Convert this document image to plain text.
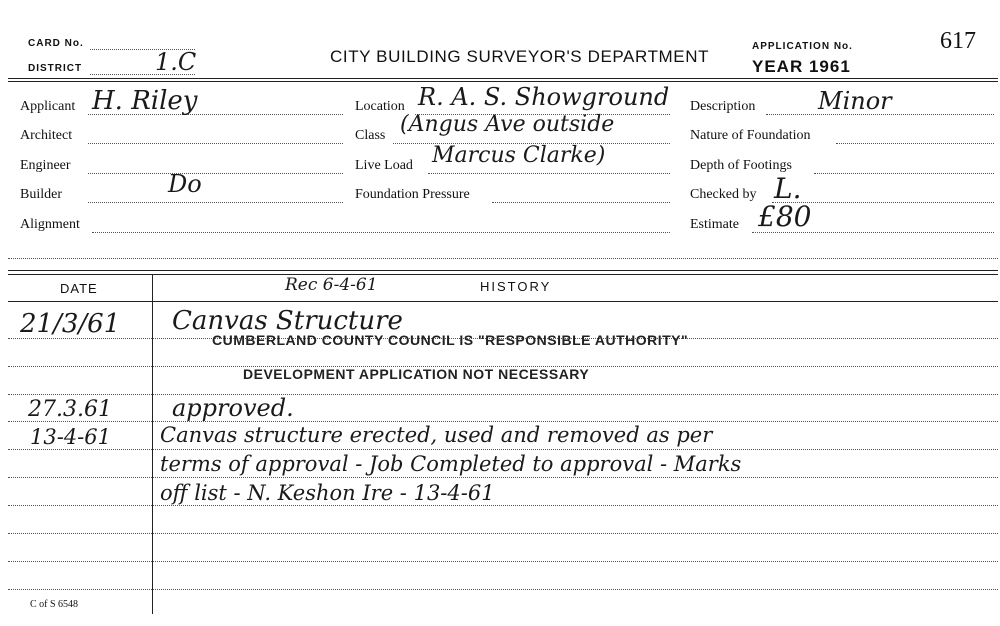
CARD No.
DISTRICT	1.C	CITY BUILDING SURVEYOR'S DEPARTMENT
APPLICATION No.	617
YEAR 1961
Applicant H. Riley
Architect
Engineer
Builder	Do
Alignment
Location R. A. S. Showground
Class (Angus Ave outside
Live Load Marcus Clarke)
Foundation Pressure
Description	Minor
Nature of Foundation
Depth of Footings
Checked by L.
Estimate £80
DATE	HISTORY
Rec 6-4-61
21/3/61 Canvas Structure
CUMBERLAND COUNTY COUNCIL IS "RESPONSIBLE AUTHORITY"
DEVELOPMENT APPLICATION NOT NECESSARY
27.3.61	approved.
13-4-61 Canvas structure erected, used and removed as per
terms of approval - Job Completed to approval - Marks
off list - N. Keshon Ire - 13-4-61
C of S 6548
